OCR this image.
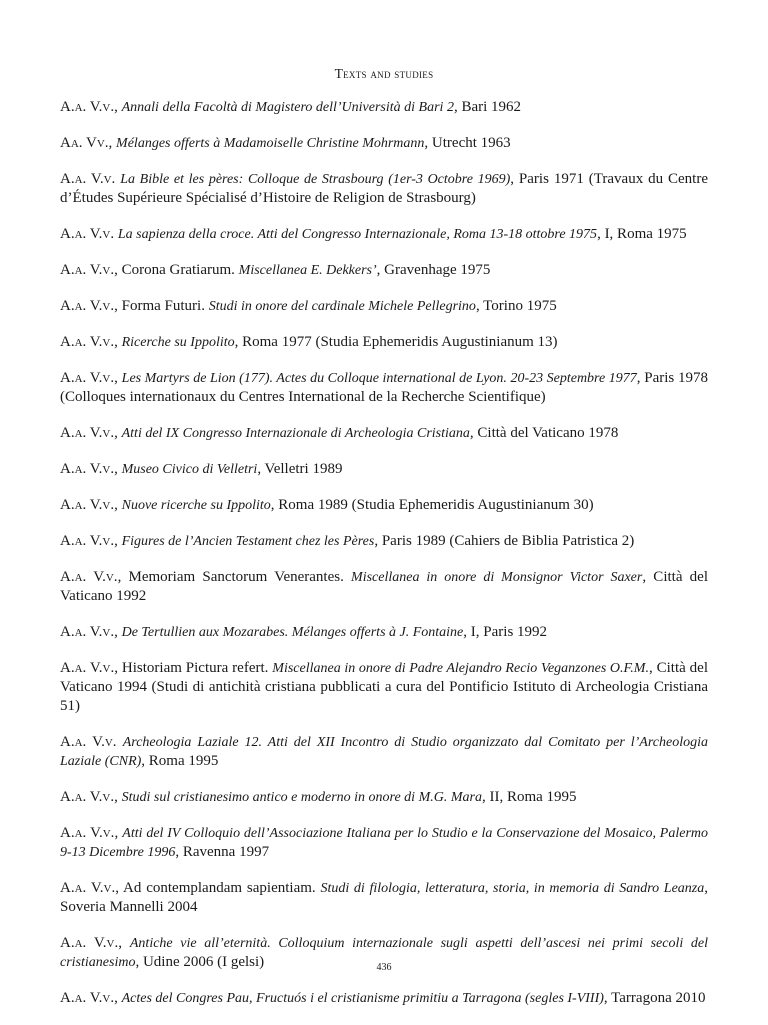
Texts and studies

A.a. V.v., Annali della Facoltà di Magistero dell’Università di Bari 2, Bari 1962

Aa. Vv., Mélanges offerts à Madamoiselle Christine Mohrmann, Utrecht 1963

A.a. V.v. La Bible et les pères: Colloque de Strasbourg (1er-3 Octobre 1969), Paris 1971 (Travaux du Centre d’Études Supérieure Spécialisé d’Histoire de Religion de Strasbourg)

A.a. V.v. La sapienza della croce. Atti del Congresso Internazionale, Roma 13-18 ottobre 1975, I, Roma 1975

A.a. V.v., Corona Gratiarum. Miscellanea E. Dekkers’, Gravenhage 1975

A.a. V.v., Forma Futuri. Studi in onore del cardinale Michele Pellegrino, Torino 1975

A.a. V.v., Ricerche su Ippolito, Roma 1977 (Studia Ephemeridis Augustinianum 13)

A.a. V.v., Les Martyrs de Lion (177). Actes du Colloque international de Lyon. 20-23 Septembre 1977, Paris 1978 (Colloques internationaux du Centres International de la Recherche Scientifique)

A.a. V.v., Atti del IX Congresso Internazionale di Archeologia Cristiana, Città del Vaticano 1978

A.a. V.v., Museo Civico di Velletri, Velletri 1989

A.a. V.v., Nuove ricerche su Ippolito, Roma 1989 (Studia Ephemeridis Augustinianum 30)

A.a. V.v., Figures de l’Ancien Testament chez les Pères, Paris 1989 (Cahiers de Biblia Patristica 2)

A.a. V.v., Memoriam Sanctorum Venerantes. Miscellanea in onore di Monsignor Victor Saxer, Città del Vaticano 1992

A.a. V.v., De Tertullien aux Mozarabes. Mélanges offerts à J. Fontaine, I, Paris 1992

A.a. V.v., Historiam Pictura refert. Miscellanea in onore di Padre Alejandro Recio Veganzones O.F.M., Città del Vaticano 1994 (Studi di antichità cristiana pubblicati a cura del Pontificio Istituto di Archeologia Cristiana 51)

A.a. V.v. Archeologia Laziale 12. Atti del XII Incontro di Studio organizzato dal Comitato per l’Archeologia Laziale (CNR), Roma 1995

A.a. V.v., Studi sul cristianesimo antico e moderno in onore di M.G. Mara, II, Roma 1995

A.a. V.v., Atti del IV Colloquio dell’Associazione Italiana per lo Studio e la Conservazione del Mosaico, Palermo 9-13 Dicembre 1996, Ravenna 1997

A.a. V.v., Ad contemplandam sapientiam. Studi di filologia, letteratura, storia, in memoria di Sandro Leanza, Soveria Mannelli 2004

A.a. V.v., Antiche vie all’eternità. Colloquium internazionale sugli aspetti dell’ascesi nei primi secoli del cristianesimo, Udine 2006 (I gelsi)

A.a. V.v., Actes del Congres Pau, Fructuós i el cristianisme primitiu a Tarragona (segles I-VIII), Tarragona 2010

436
